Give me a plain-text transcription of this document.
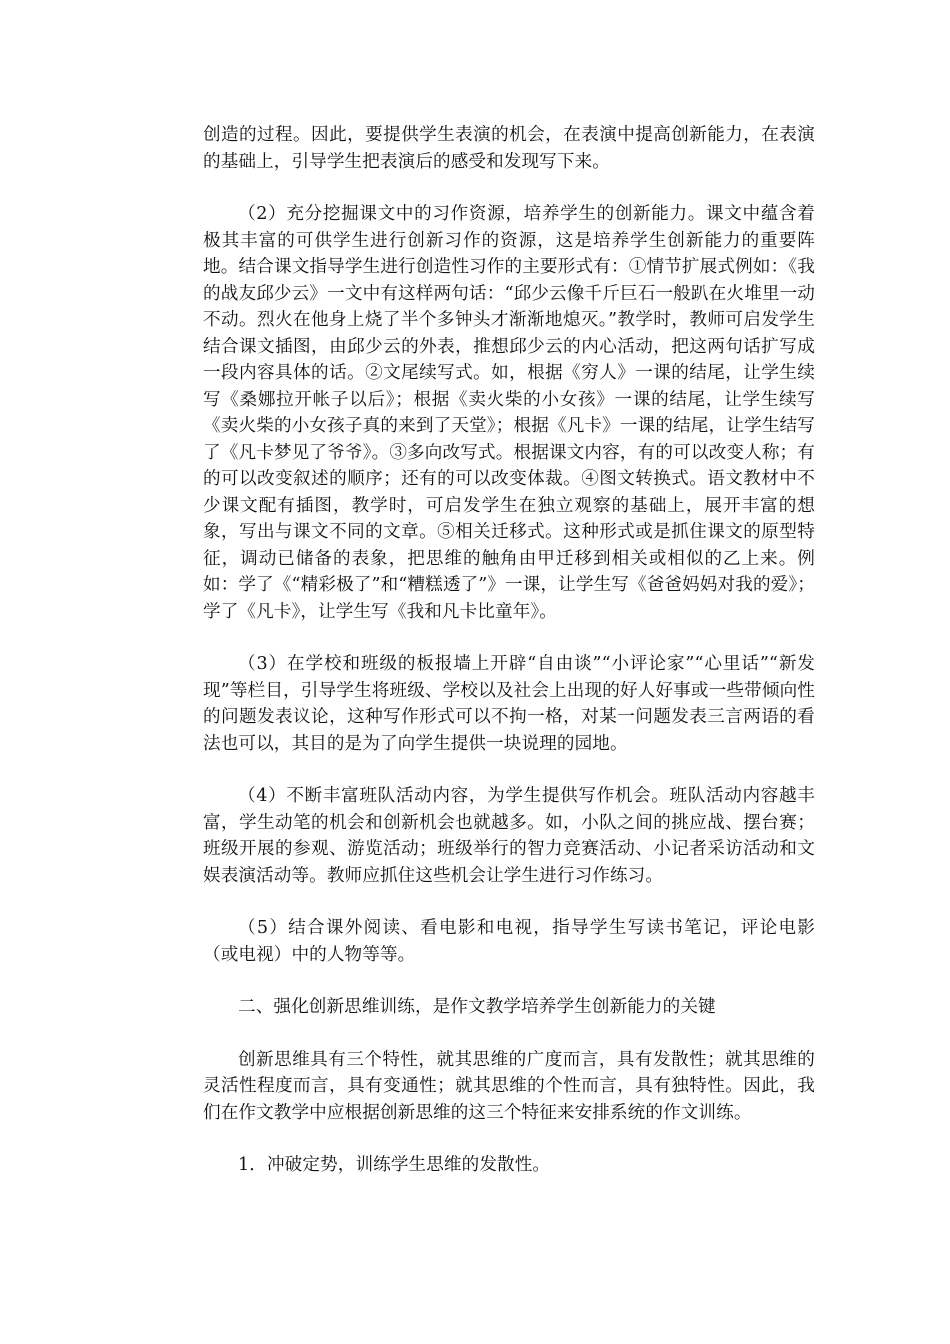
创造的过程。因此，要提供学生表演的机会，在表演中提高创新能力，在表演的基础上，引导学生把表演后的感受和发现写下来。

（2）充分挖掘课文中的习作资源，培养学生的创新能力。课文中蕴含着极其丰富的可供学生进行创新习作的资源，这是培养学生创新能力的重要阵地。结合课文指导学生进行创造性习作的主要形式有：①情节扩展式例如：《我的战友邱少云》一文中有这样两句话：“邱少云像千斤巨石一般趴在火堆里一动不动。烈火在他身上烧了半个多钟头才渐渐地熄灭。”教学时，教师可启发学生结合课文插图，由邱少云的外表，推想邱少云的内心活动，把这两句话扩写成一段内容具体的话。②文尾续写式。如，根据《穷人》一课的结尾，让学生续写《桑娜拉开帐子以后》；根据《卖火柴的小女孩》一课的结尾，让学生续写《卖火柴的小女孩子真的来到了天堂》；根据《凡卡》一课的结尾，让学生结写了《凡卡梦见了爷爷》。③多向改写式。根据课文内容，有的可以改变人称；有的可以改变叙述的顺序；还有的可以改变体裁。④图文转换式。语文教材中不少课文配有插图，教学时，可启发学生在独立观察的基础上，展开丰富的想象，写出与课文不同的文章。⑤相关迁移式。这种形式或是抓住课文的原型特征，调动已储备的表象，把思维的触角由甲迁移到相关或相似的乙上来。例如：学了《“精彩极了”和“糟糕透了”》一课，让学生写《爸爸妈妈对我的爱》；学了《凡卡》，让学生写《我和凡卡比童年》。

（3）在学校和班级的板报墙上开辟“自由谈”“小评论家”“心里话”“新发现”等栏目，引导学生将班级、学校以及社会上出现的好人好事或一些带倾向性的问题发表议论，这种写作形式可以不拘一格，对某一问题发表三言两语的看法也可以，其目的是为了向学生提供一块说理的园地。

（4）不断丰富班队活动内容，为学生提供写作机会。班队活动内容越丰富，学生动笔的机会和创新机会也就越多。如，小队之间的挑应战、摆台赛；班级开展的参观、游览活动；班级举行的智力竞赛活动、小记者采访活动和文娱表演活动等。教师应抓住这些机会让学生进行习作练习。

（5）结合课外阅读、看电影和电视，指导学生写读书笔记，评论电影（或电视）中的人物等等。

二、强化创新思维训练，是作文教学培养学生创新能力的关键

创新思维具有三个特性，就其思维的广度而言，具有发散性；就其思维的灵活性程度而言，具有变通性；就其思维的个性而言，具有独特性。因此，我们在作文教学中应根据创新思维的这三个特征来安排系统的作文训练。

1．冲破定势，训练学生思维的发散性。
